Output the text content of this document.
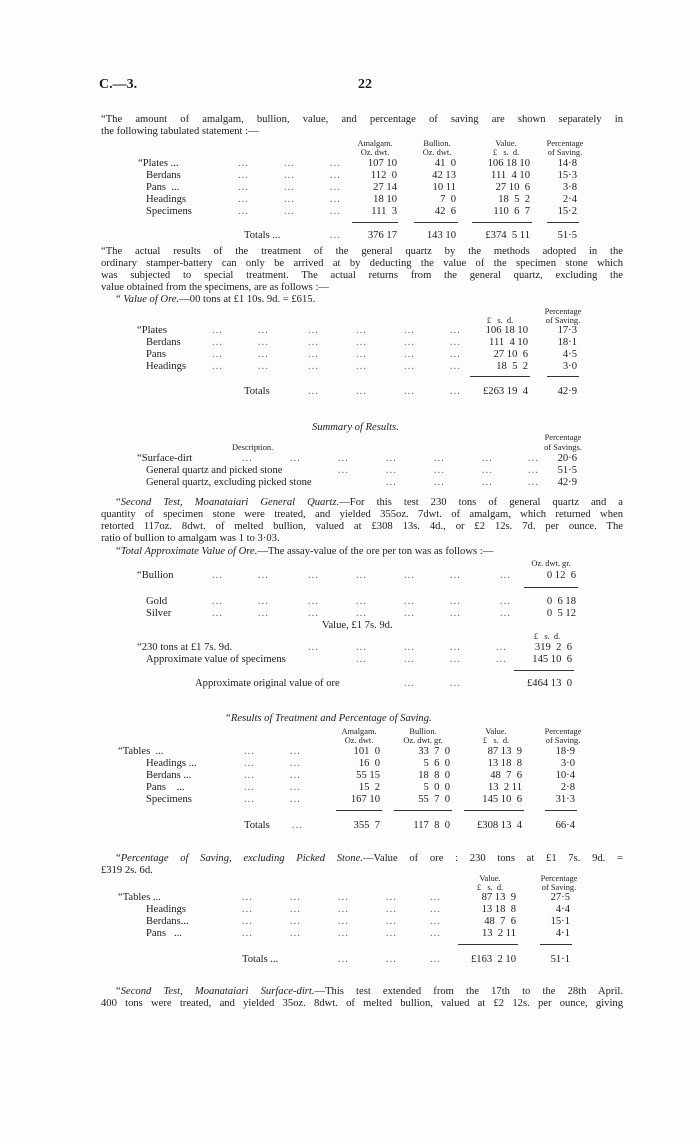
C.—3.	22
“The amount of amalgam, bullion, value, and percentage of saving are shown separately in
the following tabulated statement :—
Amalgam.
Oz. dwt.
Bullion.
Oz. dwt.
Value.
£   s.  d.
Percentage
of Saving.
“Plates ...	...	...	...	107 10	41  0	106 18 10	14·8
Berdans	...	...	...	112  0	42 13	111  4 10	15·3
Pans  ...	...	...	...	27 14	10 11	27 10  6	3·8
Headings	...	...	...	18 10	7  0	18  5  2	2·4
Specimens	...	...	...	111  3	42  6	110  6  7	15·2
Totals ...	...	376 17	143 10	£374  5 11	51·5
“The actual results of the treatment of the general quartz by the methods adopted in the
ordinary stamper-battery can only be arrived at by deducting the value of the specimen stone which
was subjected to special treatment. The actual returns from the general quartz, excluding the
value obtained from the specimens, are as follows :—
“ Value of Ore.—00 tons at £1 10s. 9d. = £615.
Percentage
£   s.  d.	of Saving.
“Plates	...	...	...	...	...	...	106 18 10	17·3
Berdans	...	...	...	...	...	...	111  4 10	18·1
Pans	...	...	...	...	...	...	27 10  6	4·5
Headings ...	...	...	...	...	...	18  5  2	3·0
Totals	...	...	...	...	£263 19  4	42·9
Summary of Results.
Percentage
Description.	of Savings.
“Surface-dirt	...	...	...	...	...	...	...	20·6
General quartz and picked stone	...	...	...	...	...	51·5
General quartz, excluding picked stone	...	...	...	...	42·9
“Second Test, Moanataiari General Quartz.—For this test 230 tons of general quartz and a
quantity of specimen stone were treated, and yielded 355oz. 7dwt. of amalgam, which returned when
retorted 117oz. 8dwt. of melted bullion, valued at £308 13s. 4d., or £2 12s. 7d. per ounce. The
ratio of bullion to amalgam was 1 to 3·03.
“Total Approximate Value of Ore.—The assay-value of the ore per ton was as follows :—
Oz. dwt. gr.
“Bullion	...	...	...	...	...	...	...	0 12  6
Gold	...	...	...	...	...	...	...	0  6 18
Silver	...	...	...	...	...	...	...	0  5 12
Value, £1 7s. 9d.
£   s.  d.
“230 tons at £1 7s. 9d.	...	...	...	...	...	319  2  6
Approximate value of specimens	...	...	...	...	145 10  6
Approximate original value of ore	...	...	£464 13  0
“Results of Treatment and Percentage of Saving.
Amalgam.
Oz. dwt.
Bullion.
Oz. dwt. gr.
Value.
£   s.  d.
Percentage
of Saving.
“Tables  ...	...	...	101  0	33  7  0	87 13  9	18·9
Headings ...	...	...	16  0	5  6  0	13 18  8	3·0
Berdans ...	...	...	55 15	18  8  0	48  7  6	10·4
Pans    ...	...	...	15  2	5  0  0	13  2 11	2·8
Specimens	...	...	167 10	55  7  0	145 10  6	31·3
Totals ...	355  7	117  8  0	£308 13  4	66·4
“Percentage of Saving, excluding Picked Stone.—Value of ore : 230 tons at £1 7s. 9d. =
£319 2s. 6d.
Value.	Percentage
£   s.  d.	of Saving.
“Tables ...	...	...	...	...	...	87 13  9	27·5
Headings	...	...	...	...	...	13 18  8	4·4
Berdans...	...	...	...	...	...	48  7  6	15·1
Pans   ...	...	...	...	...	...	13  2 11	4·1
Totals ...	...	...	...	£163  2 10	51·1
“Second Test, Moanataiari Surface-dirt.—This test extended from the 17th to the 28th April.
400 tons were treated, and yielded 35oz. 8dwt. of melted bullion, valued at £2 12s. per ounce, giving
